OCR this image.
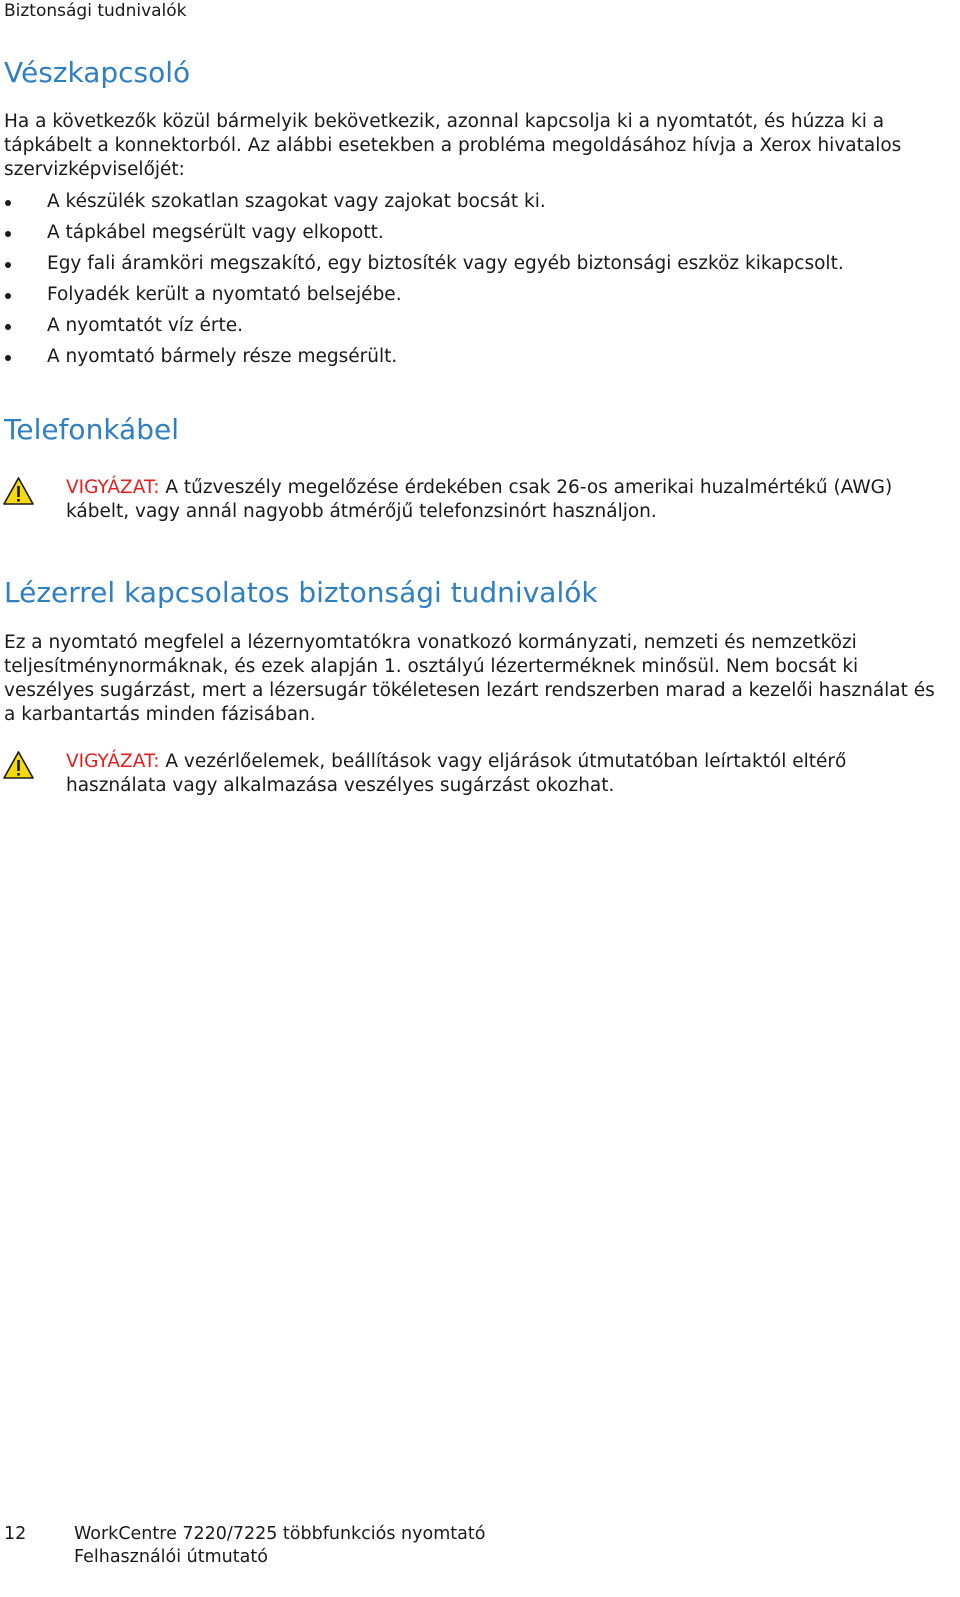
Biztonsági tudnivalók
Vészkapcsoló

Ha a következők közül bármelyik bekövetkezik, azonnal kapcsolja ki a nyomtatót, és húzza ki a tápkábelt a konnektorból. Az alábbi esetekben a probléma megoldásához hívja a Xerox hivatalos szervizképviselőjét:

A készülék szokatlan szagokat vagy zajokat bocsát ki.
A tápkábel megsérült vagy elkopott.
Egy fali áramköri megszakító, egy biztosíték vagy egyéb biztonsági eszköz kikapcsolt.
Folyadék került a nyomtató belsejébe.
A nyomtatót víz érte.
A nyomtató bármely része megsérült.
Telefonkábel

VIGYÁZAT: A tűzveszély megelőzése érdekében csak 26-os amerikai huzalmértékű (AWG) kábelt, vagy annál nagyobb átmérőjű telefonzsinórt használjon.

Lézerrel kapcsolatos biztonsági tudnivalók

Ez a nyomtató megfelel a lézernyomtatókra vonatkozó kormányzati, nemzeti és nemzetközi teljesítménynormáknak, és ezek alapján 1. osztályú lézerterméknek minősül. Nem bocsát ki veszélyes sugárzást, mert a lézersugár tökéletesen lezárt rendszerben marad a kezelői használat és a karbantartás minden fázisában.

VIGYÁZAT: A vezérlőelemek, beállítások vagy eljárások útmutatóban leírtaktól eltérő használata vagy alkalmazása veszélyes sugárzást okozhat.

12	WorkCentre 7220/7225 többfunkciós nyomtató
Felhasználói útmutató
